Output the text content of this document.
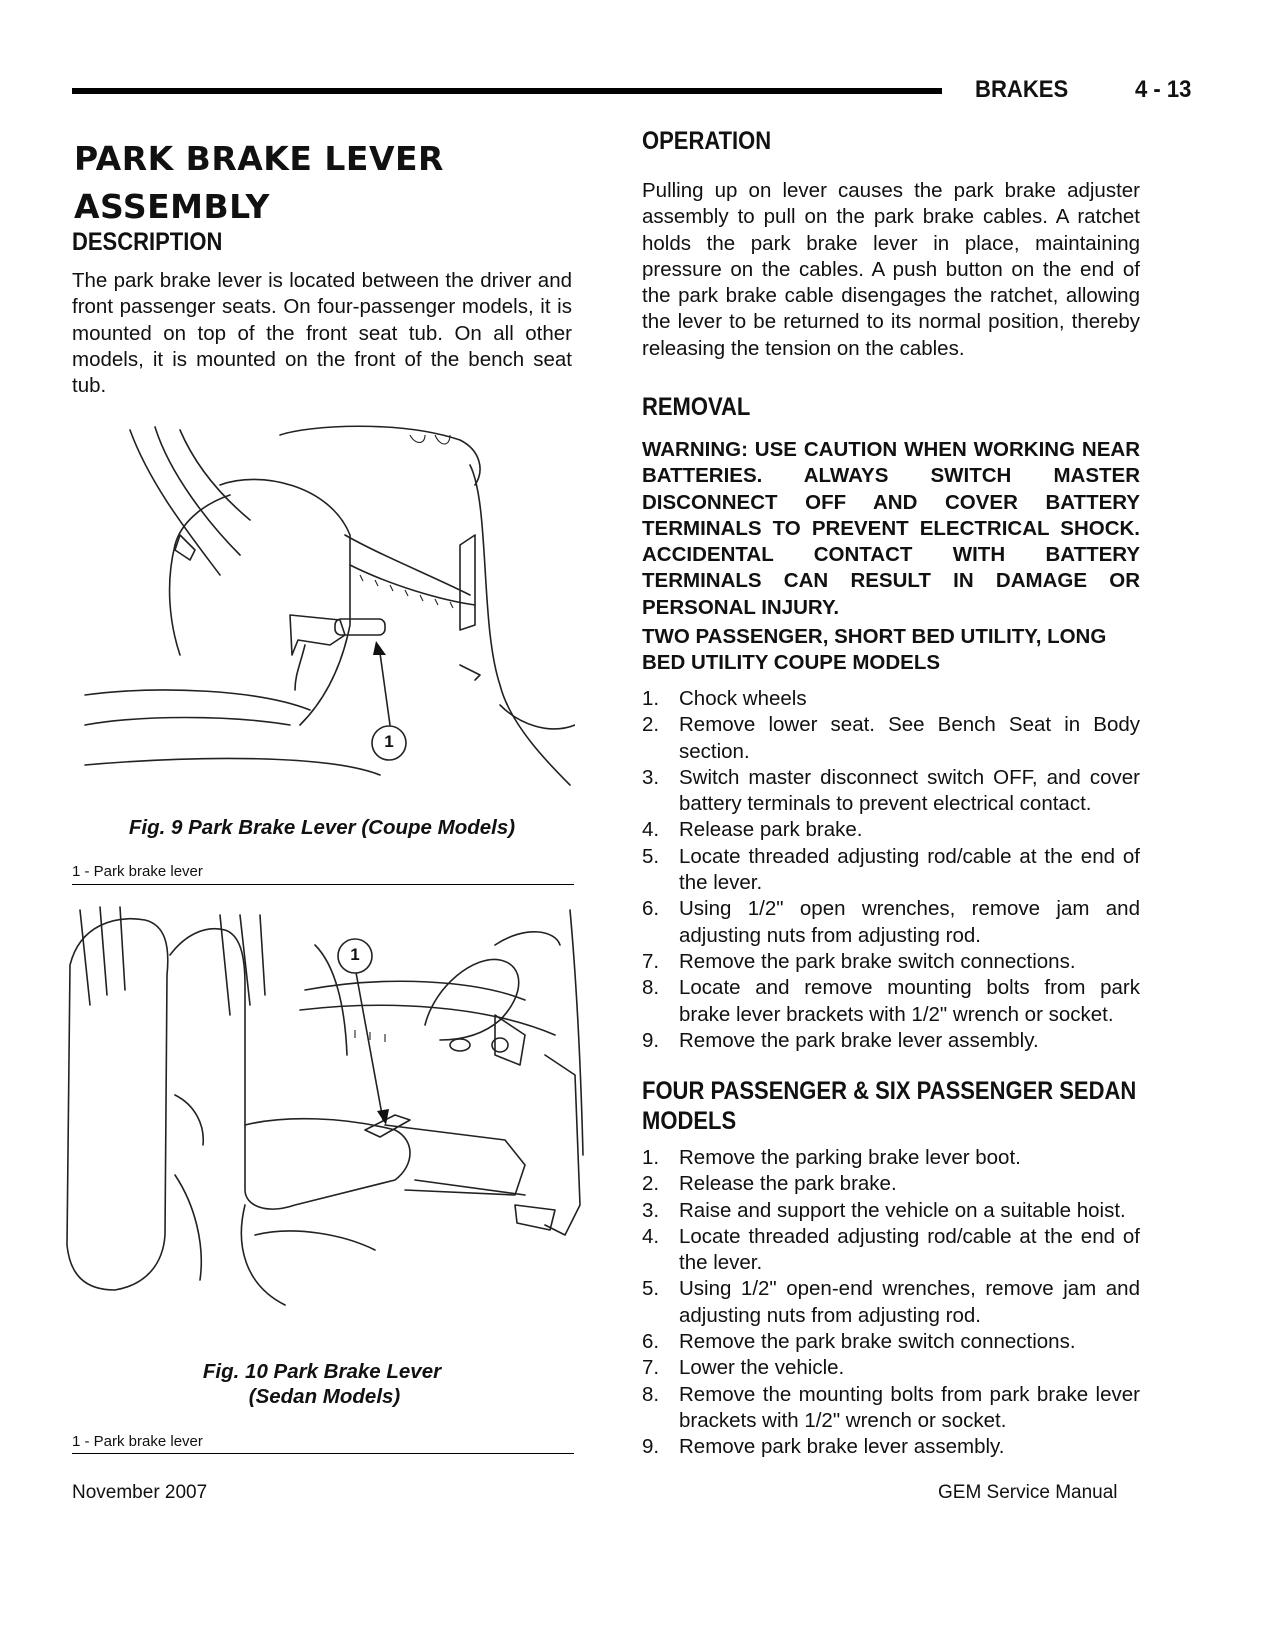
BRAKES	4 - 13
PARK BRAKE LEVER ASSEMBLY
DESCRIPTION
The park brake lever is located between the driver and front passenger seats. On four-passenger models, it is mounted on top of the front seat tub. On all other models, it is mounted on the front of the bench seat tub.
1
Fig. 9 Park Brake Lever (Coupe Models)
1 - Park brake lever
1
Fig. 10 Park Brake Lever
(Sedan Models)
1 - Park brake lever
OPERATION
Pulling up on lever causes the park brake adjuster assembly to pull on the park brake cables. A ratchet holds the park brake lever in place, maintaining pressure on the cables. A push button on the end of the park brake cable disengages the ratchet, allowing the lever to be returned to its normal position, thereby releasing the tension on the cables.
REMOVAL
WARNING: USE CAUTION WHEN WORKING NEAR BATTERIES. ALWAYS SWITCH MASTER DISCONNECT OFF AND COVER BATTERY TERMINALS TO PREVENT ELECTRICAL SHOCK. ACCIDENTAL CONTACT WITH BATTERY TERMINALS CAN RESULT IN DAMAGE OR PERSONAL INJURY.
TWO PASSENGER, SHORT BED UTILITY, LONG BED UTILITY COUPE MODELS
1. Chock wheels
2. Remove lower seat. See Bench Seat in Body section.
3. Switch master disconnect switch OFF, and cover battery terminals to prevent electrical contact.
4. Release park brake.
5. Locate threaded adjusting rod/cable at the end of the lever.
6. Using 1/2" open wrenches, remove jam and adjusting nuts from adjusting rod.
7. Remove the park brake switch connections.
8. Locate and remove mounting bolts from park brake lever brackets with 1/2" wrench or socket.
9. Remove the park brake lever assembly.
FOUR PASSENGER & SIX PASSENGER SEDAN
MODELS
1. Remove the parking brake lever boot.
2. Release the park brake.
3. Raise and support the vehicle on a suitable hoist.
4. Locate threaded adjusting rod/cable at the end of the lever.
5. Using 1/2" open-end wrenches, remove jam and adjusting nuts from adjusting rod.
6. Remove the park brake switch connections.
7. Lower the vehicle.
8. Remove the mounting bolts from park brake lever brackets with 1/2" wrench or socket.
9. Remove park brake lever assembly.
November 2007	GEM Service Manual
